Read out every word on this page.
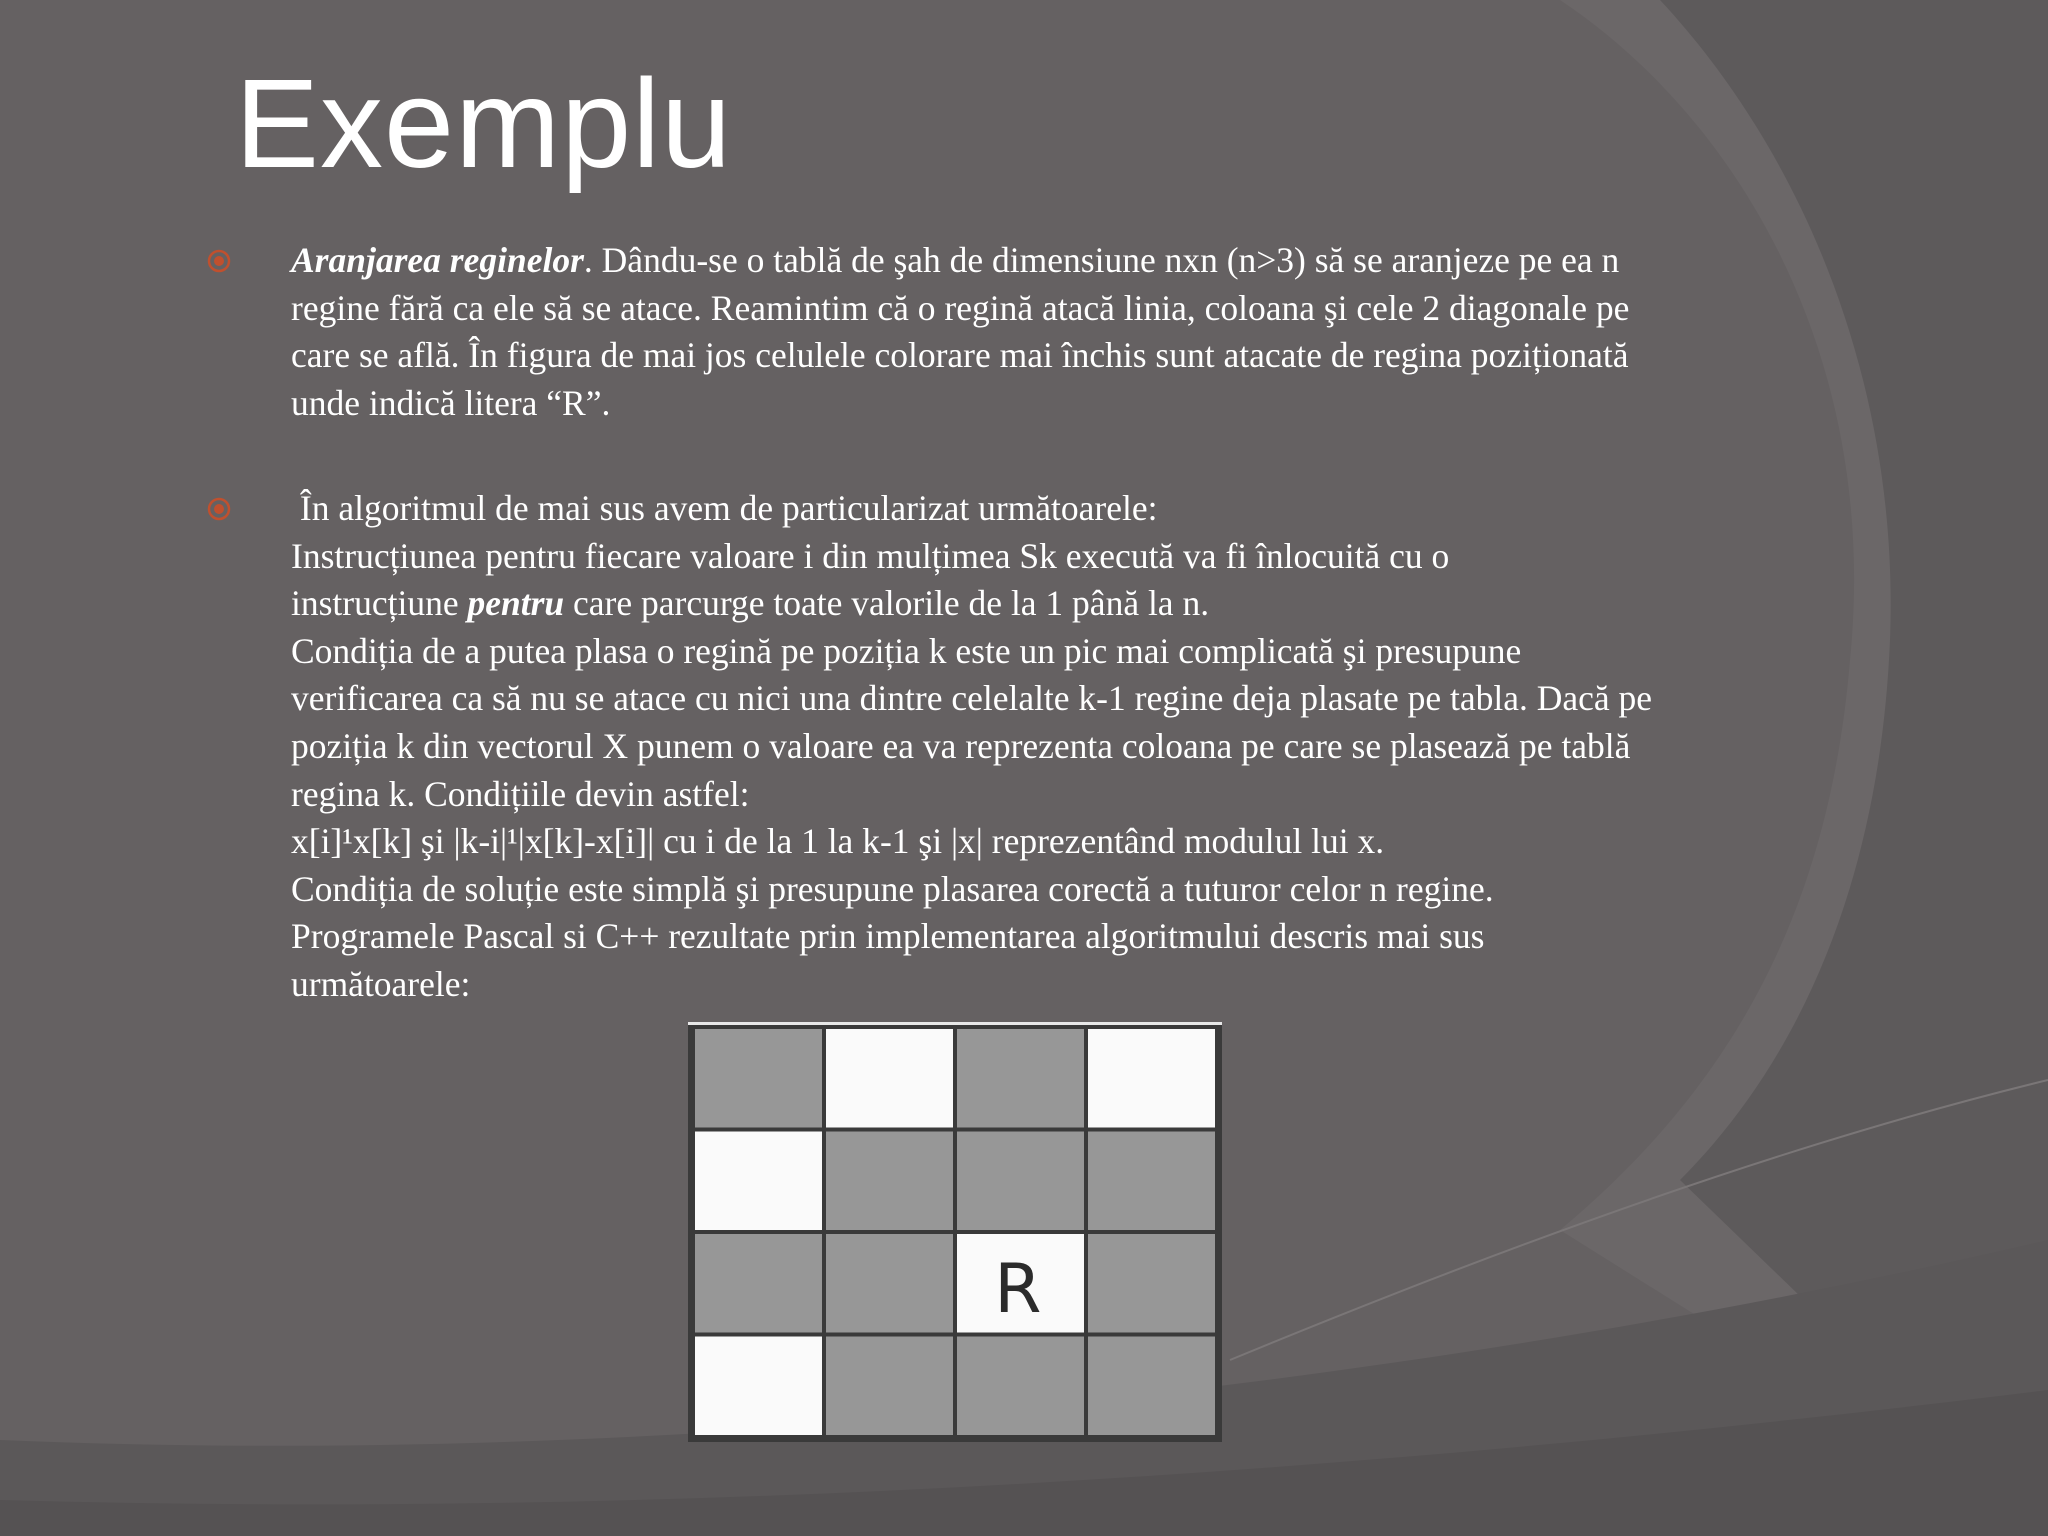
Exemplu
Aranjarea reginelor. Dându-se o tablă de şah de dimensiune nxn (n>3) să se aranjeze pe ea n
regine fără ca ele să se atace. Reamintim că o regină atacă linia, coloana şi cele 2 diagonale pe
care se află. În figura de mai jos celulele colorare mai închis sunt atacate de regina poziționată
unde indică litera “R”.
În algoritmul de mai sus avem de particularizat următoarele:
Instrucțiunea pentru fiecare valoare i din mulțimea Sk execută va fi înlocuită cu o
instrucțiune pentru care parcurge toate valorile de la 1 până la n.
Condiția de a putea plasa o regină pe poziția k este un pic mai complicată şi presupune
verificarea ca să nu se atace cu nici una dintre celelalte k-1 regine deja plasate pe tabla. Dacă pe
poziția k din vectorul X punem o valoare ea va reprezenta coloana pe care se plasează pe tablă
regina k. Condițiile devin astfel:
x[i]¹x[k] şi |k-i|¹|x[k]-x[i]| cu i de la 1 la k-1 şi |x| reprezentând modulul lui x.
Condiția de soluție este simplă şi presupune plasarea corectă a tuturor celor n regine.
Programele Pascal si C++ rezultate prin implementarea algoritmului descris mai sus
următoarele:
R
